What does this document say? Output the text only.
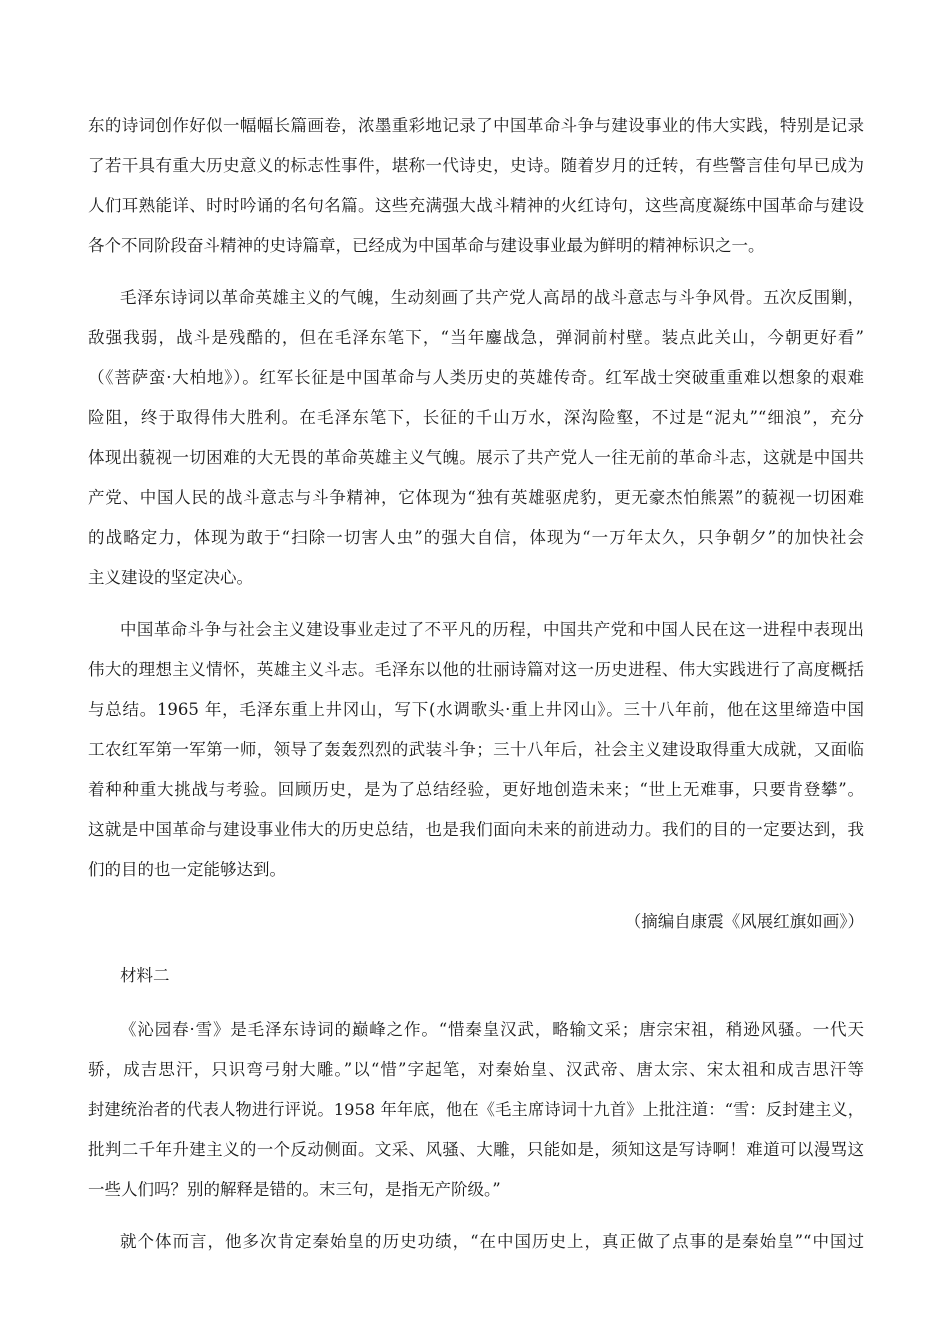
东的诗词创作好似一幅幅长篇画卷，浓墨重彩地记录了中国革命斗争与建设事业的伟大实践，特别是记录
了若干具有重大历史意义的标志性事件，堪称一代诗史，史诗。随着岁月的迁转，有些警言佳句早已成为
人们耳熟能详、时时吟诵的名句名篇。这些充满强大战斗精神的火红诗句，这些高度凝练中国革命与建设
各个不同阶段奋斗精神的史诗篇章，已经成为中国革命与建设事业最为鲜明的精神标识之一。
毛泽东诗词以革命英雄主义的气魄，生动刻画了共产党人高昂的战斗意志与斗争风骨。五次反围剿，
敌强我弱，战斗是残酷的，但在毛泽东笔下，“当年鏖战急，弹洞前村壁。装点此关山，今朝更好看”
（《菩萨蛮·大柏地》）。红军长征是中国革命与人类历史的英雄传奇。红军战士突破重重难以想象的艰难
险阻，终于取得伟大胜利。在毛泽东笔下，长征的千山万水，深沟险壑，不过是“泥丸”“细浪”，充分
体现出藐视一切困难的大无畏的革命英雄主义气魄。展示了共产党人一往无前的革命斗志，这就是中国共
产党、中国人民的战斗意志与斗争精神，它体现为“独有英雄驱虎豹，更无豪杰怕熊罴”的藐视一切困难
的战略定力，体现为敢于“扫除一切害人虫”的强大自信，体现为“一万年太久，只争朝夕”的加快社会
主义建设的坚定决心。
中国革命斗争与社会主义建设事业走过了不平凡的历程，中国共产党和中国人民在这一进程中表现出
伟大的理想主义情怀，英雄主义斗志。毛泽东以他的壮丽诗篇对这一历史进程、伟大实践进行了高度概括
与总结。1965 年，毛泽东重上井冈山，写下(水调歌头·重上井冈山》。三十八年前，他在这里缔造中国
工农红军第一军第一师，领导了轰轰烈烈的武装斗争；三十八年后，社会主义建设取得重大成就，又面临
着种种重大挑战与考验。回顾历史，是为了总结经验，更好地创造未来；“世上无难事，只要肯登攀”。
这就是中国革命与建设事业伟大的历史总结，也是我们面向未来的前进动力。我们的目的一定要达到，我
们的目的也一定能够达到。
（摘编自康震《风展红旗如画》）
材料二
《沁园春·雪》是毛泽东诗词的巅峰之作。“惜秦皇汉武，略输文采；唐宗宋祖，稍逊风骚。一代天
骄，成吉思汗，只识弯弓射大雕。”以“惜”字起笔，对秦始皇、汉武帝、唐太宗、宋太祖和成吉思汗等
封建统治者的代表人物进行评说。1958 年年底，他在《毛主席诗词十九首》上批注道：“雪：反封建主义，
批判二千年升建主义的一个反动侧面。文采、风骚、大雕，只能如是，须知这是写诗啊！难道可以漫骂这
一些人们吗？别的解释是错的。末三句，是指无产阶级。”
就个体而言，他多次肯定秦始皇的历史功绩，“在中国历史上，真正做了点事的是秦始皇”“中国过
